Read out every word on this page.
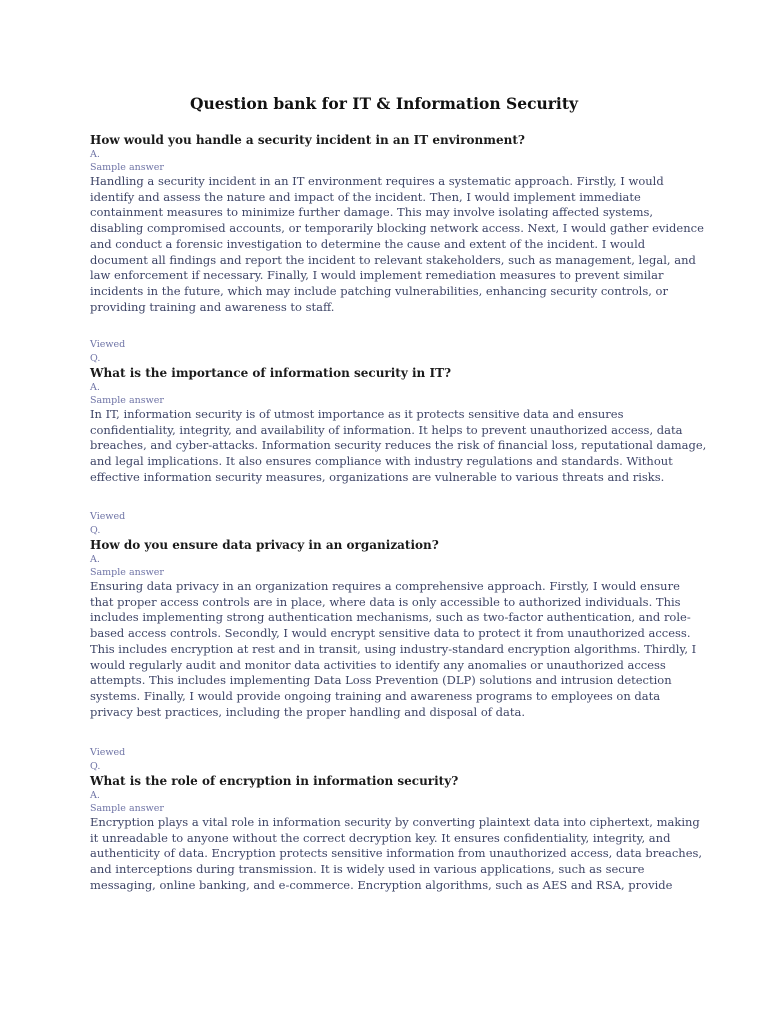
Question bank for IT & Information Security
How would you handle a security incident in an IT environment?
A.
Sample answer
Handling a security incident in an IT environment requires a systematic approach. Firstly, I would
identify and assess the nature and impact of the incident. Then, I would implement immediate
containment measures to minimize further damage. This may involve isolating affected systems,
disabling compromised accounts, or temporarily blocking network access. Next, I would gather evidence
and conduct a forensic investigation to determine the cause and extent of the incident. I would
document all findings and report the incident to relevant stakeholders, such as management, legal, and
law enforcement if necessary. Finally, I would implement remediation measures to prevent similar
incidents in the future, which may include patching vulnerabilities, enhancing security controls, or
providing training and awareness to staff.
Viewed
Q.
What is the importance of information security in IT?
A.
Sample answer
In IT, information security is of utmost importance as it protects sensitive data and ensures
confidentiality, integrity, and availability of information. It helps to prevent unauthorized access, data
breaches, and cyber-attacks. Information security reduces the risk of financial loss, reputational damage,
and legal implications. It also ensures compliance with industry regulations and standards. Without
effective information security measures, organizations are vulnerable to various threats and risks.
Viewed
Q.
How do you ensure data privacy in an organization?
A.
Sample answer
Ensuring data privacy in an organization requires a comprehensive approach. Firstly, I would ensure
that proper access controls are in place, where data is only accessible to authorized individuals. This
includes implementing strong authentication mechanisms, such as two-factor authentication, and role-
based access controls. Secondly, I would encrypt sensitive data to protect it from unauthorized access.
This includes encryption at rest and in transit, using industry-standard encryption algorithms. Thirdly, I
would regularly audit and monitor data activities to identify any anomalies or unauthorized access
attempts. This includes implementing Data Loss Prevention (DLP) solutions and intrusion detection
systems. Finally, I would provide ongoing training and awareness programs to employees on data
privacy best practices, including the proper handling and disposal of data.
Viewed
Q.
What is the role of encryption in information security?
A.
Sample answer
Encryption plays a vital role in information security by converting plaintext data into ciphertext, making
it unreadable to anyone without the correct decryption key. It ensures confidentiality, integrity, and
authenticity of data. Encryption protects sensitive information from unauthorized access, data breaches,
and interceptions during transmission. It is widely used in various applications, such as secure
messaging, online banking, and e-commerce. Encryption algorithms, such as AES and RSA, provide
